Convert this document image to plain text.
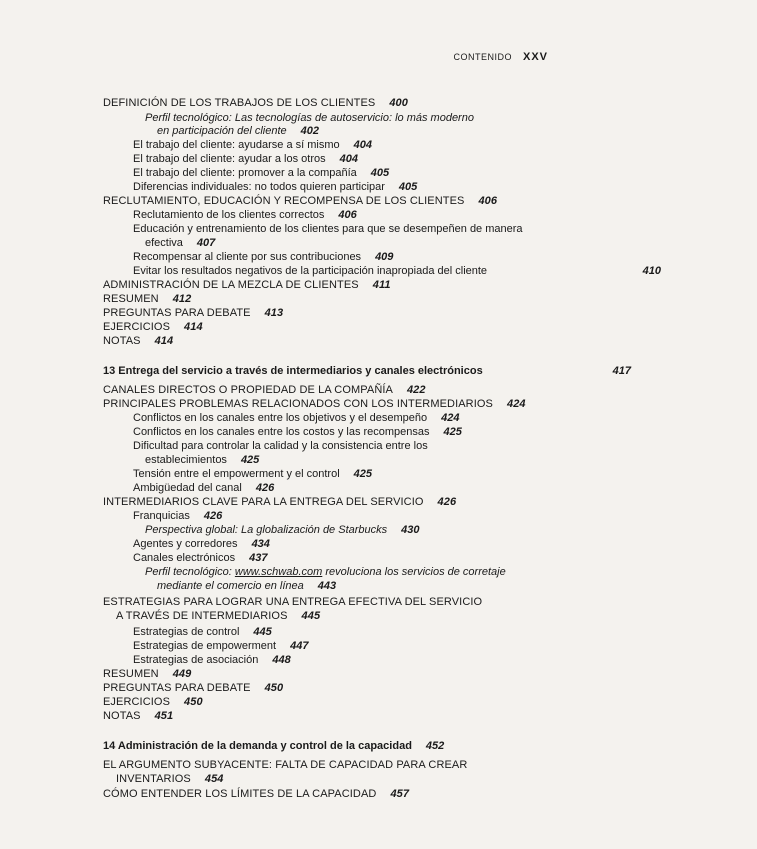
CONTENIDO XXV
DEFINICIÓN DE LOS TRABAJOS DE LOS CLIENTES 400
Perfil tecnológico: Las tecnologías de autoservicio: lo más moderno
en participación del cliente 402
El trabajo del cliente: ayudarse a sí mismo 404
El trabajo del cliente: ayudar a los otros 404
El trabajo del cliente: promover a la compañía 405
Diferencias individuales: no todos quieren participar 405
RECLUTAMIENTO, EDUCACIÓN Y RECOMPENSA DE LOS CLIENTES 406
Reclutamiento de los clientes correctos 406
Educación y entrenamiento de los clientes para que se desempeñen de manera
efectiva 407
Recompensar al cliente por sus contribuciones 409
Evitar los resultados negativos de la participación inapropiada del cliente	410
ADMINISTRACIÓN DE LA MEZCLA DE CLIENTES 411
RESUMEN 412
PREGUNTAS PARA DEBATE 413
EJERCICIOS 414
NOTAS 414
13 Entrega del servicio a través de intermediarios y canales electrónicos	417
CANALES DIRECTOS O PROPIEDAD DE LA COMPAÑÍA 422
PRINCIPALES PROBLEMAS RELACIONADOS CON LOS INTERMEDIARIOS 424
Conflictos en los canales entre los objetivos y el desempeño 424
Conflictos en los canales entre los costos y las recompensas 425
Dificultad para controlar la calidad y la consistencia entre los
establecimientos 425
Tensión entre el empowerment y el control 425
Ambigüedad del canal 426
INTERMEDIARIOS CLAVE PARA LA ENTREGA DEL SERVICIO 426
Franquicias 426
Perspectiva global: La globalización de Starbucks 430
Agentes y corredores 434
Canales electrónicos 437
Perfil tecnológico: www.schwab.com revoluciona los servicios de corretaje
mediante el comercio en línea 443
ESTRATEGIAS PARA LOGRAR UNA ENTREGA EFECTIVA DEL SERVICIO
A TRAVÉS DE INTERMEDIARIOS 445
Estrategias de control 445
Estrategias de empowerment 447
Estrategias de asociación 448
RESUMEN 449
PREGUNTAS PARA DEBATE 450
EJERCICIOS 450
NOTAS 451
14 Administración de la demanda y control de la capacidad 452
EL ARGUMENTO SUBYACENTE: FALTA DE CAPACIDAD PARA CREAR
INVENTARIOS 454
CÓMO ENTENDER LOS LÍMITES DE LA CAPACIDAD 457
